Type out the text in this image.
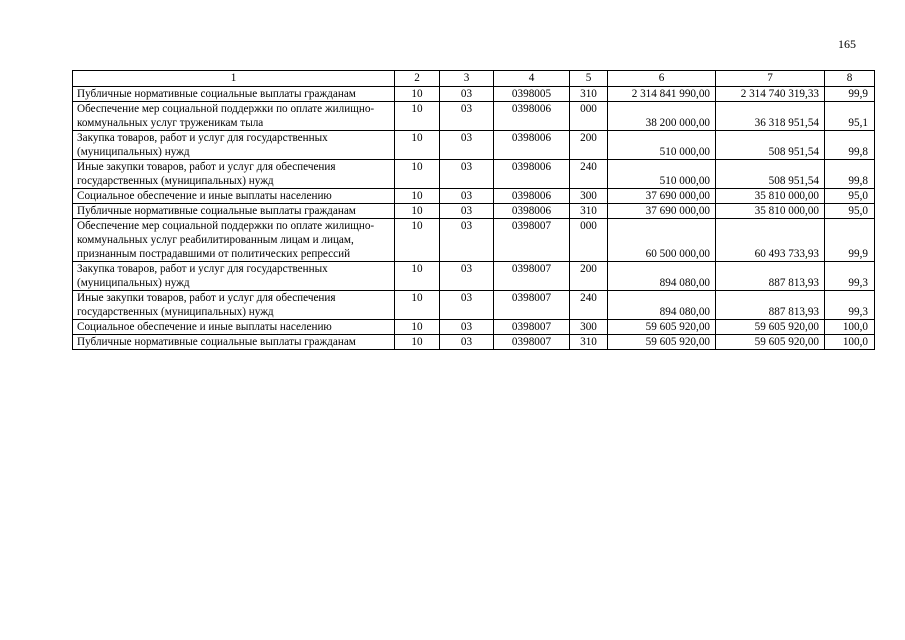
165
1	2	3	4	5	6	7	8
Публичные нормативные социальные выплаты гражданам	10	03	0398005	310	2 314 841 990,00	2 314 740 319,33	99,9
Обеспечение мер социальной поддержки по оплате жилищно-коммунальных услуг труженикам тыла	10	03	0398006	000	38 200 000,00	36 318 951,54	95,1
Закупка товаров, работ и услуг для государственных (муниципальных) нужд	10	03	0398006	200	510 000,00	508 951,54	99,8
Иные закупки товаров, работ и услуг для обеспечения государственных (муниципальных) нужд	10	03	0398006	240	510 000,00	508 951,54	99,8
Социальное обеспечение и иные выплаты населению	10	03	0398006	300	37 690 000,00	35 810 000,00	95,0
Публичные нормативные социальные выплаты гражданам	10	03	0398006	310	37 690 000,00	35 810 000,00	95,0
Обеспечение мер социальной поддержки по оплате жилищно-коммунальных услуг реабилитированным лицам и лицам, признанным пострадавшими от политических репрессий	10	03	0398007	000	60 500 000,00	60 493 733,93	99,9
Закупка товаров, работ и услуг для государственных (муниципальных) нужд	10	03	0398007	200	894 080,00	887 813,93	99,3
Иные закупки товаров, работ и услуг для обеспечения государственных (муниципальных) нужд	10	03	0398007	240	894 080,00	887 813,93	99,3
Социальное обеспечение и иные выплаты населению	10	03	0398007	300	59 605 920,00	59 605 920,00	100,0
Публичные нормативные социальные выплаты гражданам	10	03	0398007	310	59 605 920,00	59 605 920,00	100,0
